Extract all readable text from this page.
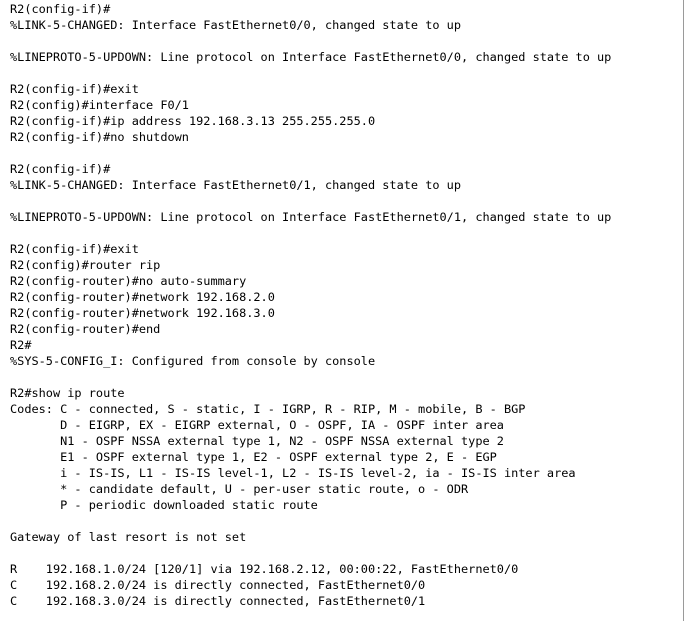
R2(config-if)#
%LINK-5-CHANGED: Interface FastEthernet0/0, changed state to up
%LINEPROTO-5-UPDOWN: Line protocol on Interface FastEthernet0/0, changed state to up
R2(config-if)#exit
R2(config)#interface F0/1
R2(config-if)#ip address 192.168.3.13 255.255.255.0
R2(config-if)#no shutdown
R2(config-if)#
%LINK-5-CHANGED: Interface FastEthernet0/1, changed state to up
%LINEPROTO-5-UPDOWN: Line protocol on Interface FastEthernet0/1, changed state to up
R2(config-if)#exit
R2(config)#router rip
R2(config-router)#no auto-summary
R2(config-router)#network 192.168.2.0
R2(config-router)#network 192.168.3.0
R2(config-router)#end
R2#
%SYS-5-CONFIG_I: Configured from console by console
R2#show ip route
Codes: C - connected, S - static, I - IGRP, R - RIP, M - mobile, B - BGP
D - EIGRP, EX - EIGRP external, O - OSPF, IA - OSPF inter area
N1 - OSPF NSSA external type 1, N2 - OSPF NSSA external type 2
E1 - OSPF external type 1, E2 - OSPF external type 2, E - EGP
i - IS-IS, L1 - IS-IS level-1, L2 - IS-IS level-2, ia - IS-IS inter area
* - candidate default, U - per-user static route, o - ODR
P - periodic downloaded static route
Gateway of last resort is not set
R    192.168.1.0/24 [120/1] via 192.168.2.12, 00:00:22, FastEthernet0/0
C    192.168.2.0/24 is directly connected, FastEthernet0/0
C    192.168.3.0/24 is directly connected, FastEthernet0/1
